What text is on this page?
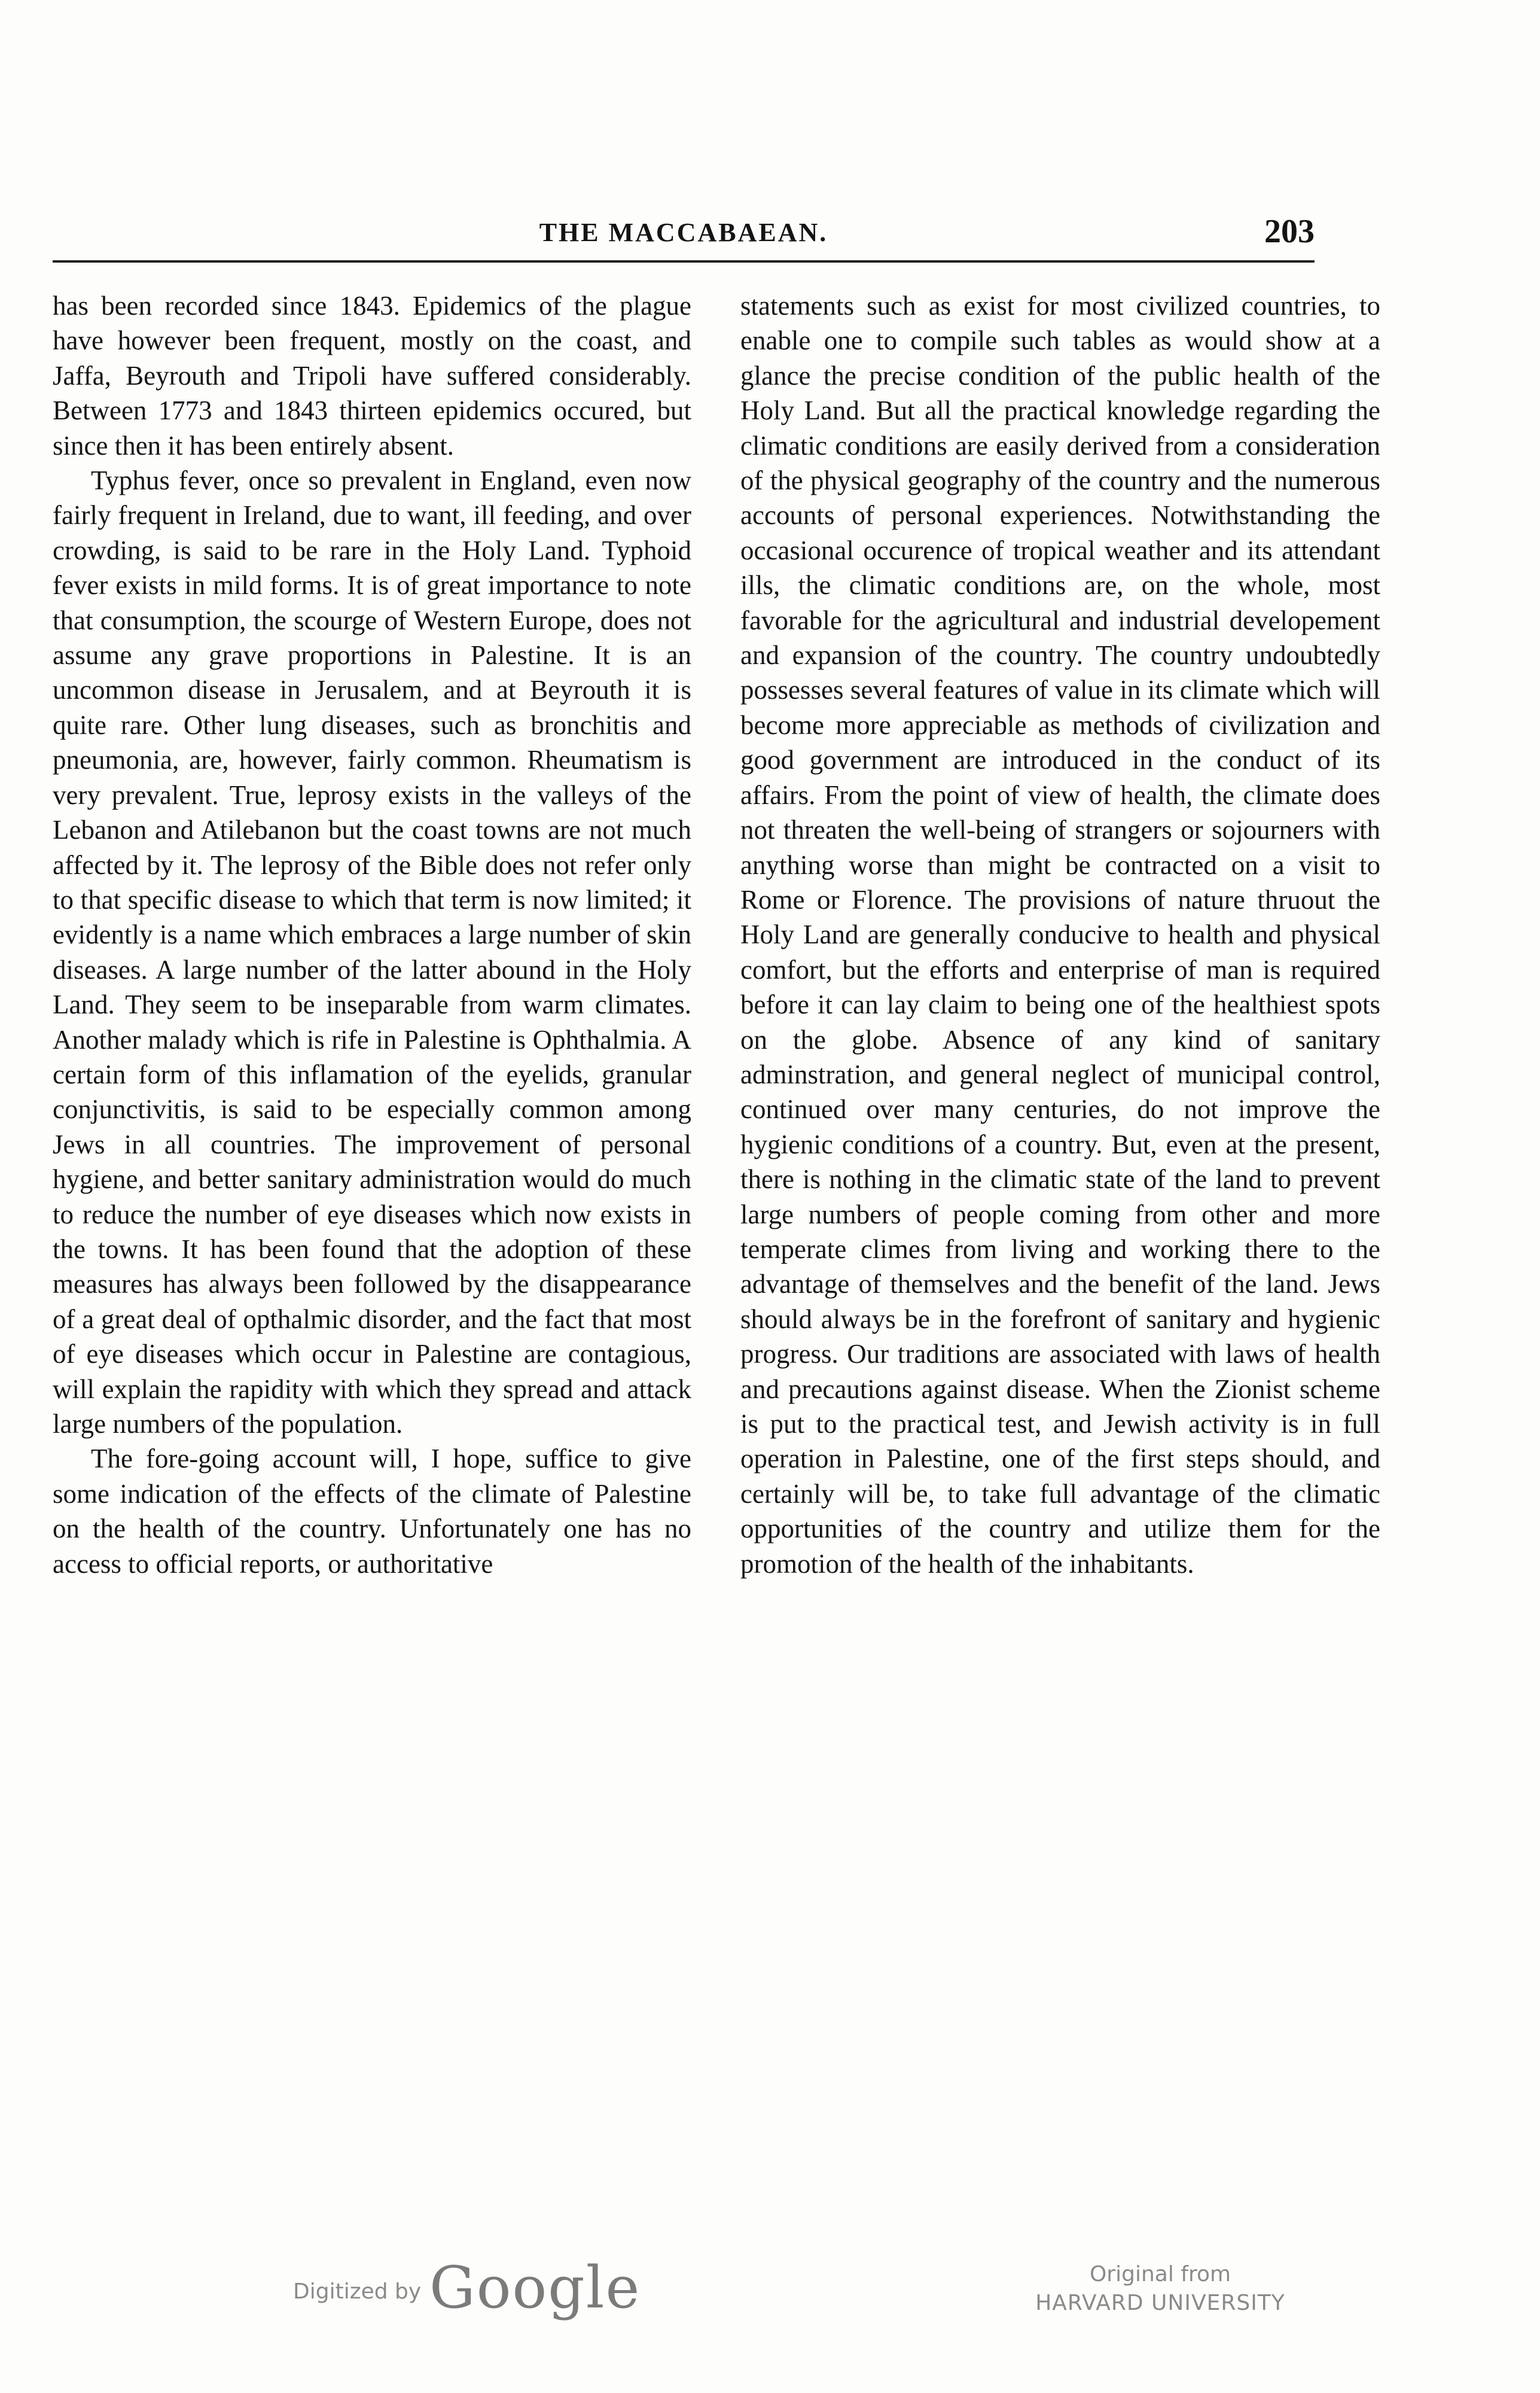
THE MACCABAEAN.	203

has been recorded since 1843. Epidemics of the plague have however been frequent, mostly on the coast, and Jaffa, Beyrouth and Tripoli have suffered considerably. Between 1773 and 1843 thirteen epidemics occured, but since then it has been entirely absent.

Typhus fever, once so prevalent in England, even now fairly frequent in Ireland, due to want, ill feeding, and over crowding, is said to be rare in the Holy Land. Typhoid fever exists in mild forms. It is of great importance to note that consumption, the scourge of Western Europe, does not assume any grave proportions in Palestine. It is an uncommon disease in Jerusalem, and at Beyrouth it is quite rare. Other lung diseases, such as bronchitis and pneumonia, are, however, fairly common. Rheumatism is very prevalent. True, leprosy exists in the valleys of the Lebanon and Atilebanon but the coast towns are not much affected by it. The leprosy of the Bible does not refer only to that specific disease to which that term is now limited; it evidently is a name which embraces a large number of skin diseases. A large number of the latter abound in the Holy Land. They seem to be inseparable from warm climates. Another malady which is rife in Palestine is Ophthalmia. A certain form of this inflamation of the eyelids, granular conjunctivitis, is said to be especially common among Jews in all countries. The improvement of personal hygiene, and better sanitary administration would do much to reduce the number of eye diseases which now exists in the towns. It has been found that the adoption of these measures has always been followed by the disappearance of a great deal of opthalmic disorder, and the fact that most of eye diseases which occur in Palestine are contagious, will explain the rapidity with which they spread and attack large numbers of the population.

The fore-going account will, I hope, suffice to give some indication of the effects of the climate of Palestine on the health of the country. Unfortunately one has no access to official reports, or authoritative

statements such as exist for most civilized countries, to enable one to compile such tables as would show at a glance the precise condition of the public health of the Holy Land. But all the practical knowledge regarding the climatic conditions are easily derived from a consideration of the physical geography of the country and the numerous accounts of personal experiences. Notwithstanding the occasional occurence of tropical weather and its attendant ills, the climatic conditions are, on the whole, most favorable for the agricultural and industrial developement and expansion of the country. The country undoubtedly possesses several features of value in its climate which will become more appreciable as methods of civilization and good government are introduced in the conduct of its affairs. From the point of view of health, the climate does not threaten the well-being of strangers or sojourners with anything worse than might be contracted on a visit to Rome or Florence. The provisions of nature thruout the Holy Land are generally conducive to health and physical comfort, but the efforts and enterprise of man is required before it can lay claim to being one of the healthiest spots on the globe. Absence of any kind of sanitary adminstration, and general neglect of municipal control, continued over many centuries, do not improve the hygienic conditions of a country. But, even at the present, there is nothing in the climatic state of the land to prevent large numbers of people coming from other and more temperate climes from living and working there to the advantage of themselves and the benefit of the land. Jews should always be in the forefront of sanitary and hygienic progress. Our traditions are associated with laws of health and precautions against disease. When the Zionist scheme is put to the practical test, and Jewish activity is in full operation in Palestine, one of the first steps should, and certainly will be, to take full advantage of the climatic opportunities of the country and utilize them for the promotion of the health of the inhabitants.

Digitized by Google	Original from
HARVARD UNIVERSITY
